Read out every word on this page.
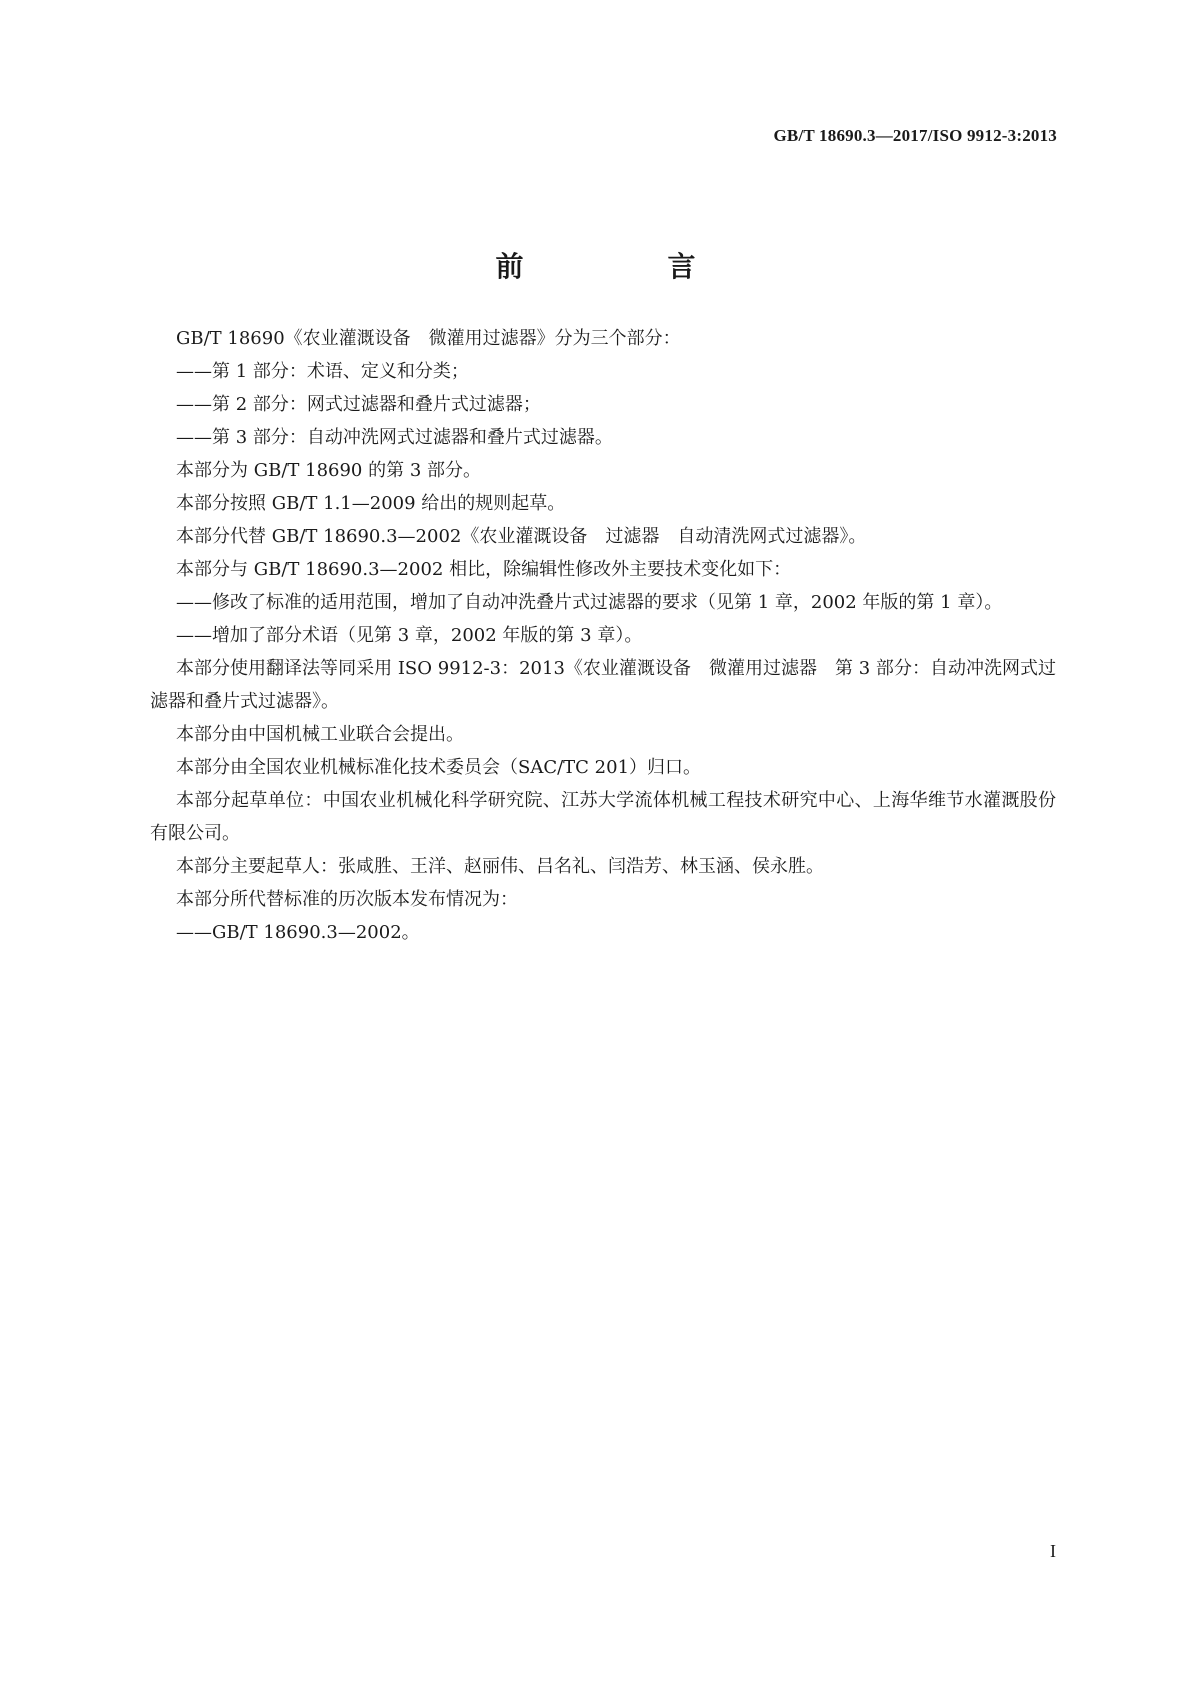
GB/T 18690.3—2017/ISO 9912-3:2013
前　言

GB/T 18690《农业灌溉设备　微灌用过滤器》分为三个部分：

——第 1 部分：术语、定义和分类；

——第 2 部分：网式过滤器和叠片式过滤器；

——第 3 部分：自动冲洗网式过滤器和叠片式过滤器。

本部分为 GB/T 18690 的第 3 部分。

本部分按照 GB/T 1.1—2009 给出的规则起草。

本部分代替 GB/T 18690.3—2002《农业灌溉设备　过滤器　自动清洗网式过滤器》。

本部分与 GB/T 18690.3—2002 相比，除编辑性修改外主要技术变化如下：

——修改了标准的适用范围，增加了自动冲洗叠片式过滤器的要求（见第 1 章，2002 年版的第 1 章）。

——增加了部分术语（见第 3 章，2002 年版的第 3 章）。

本部分使用翻译法等同采用 ISO 9912-3：2013《农业灌溉设备　微灌用过滤器　第 3 部分：自动冲洗网式过滤器和叠片式过滤器》。

本部分由中国机械工业联合会提出。

本部分由全国农业机械标准化技术委员会（SAC/TC 201）归口。

本部分起草单位：中国农业机械化科学研究院、江苏大学流体机械工程技术研究中心、上海华维节水灌溉股份有限公司。

本部分主要起草人：张咸胜、王洋、赵丽伟、吕名礼、闫浩芳、林玉涵、侯永胜。

本部分所代替标准的历次版本发布情况为：

——GB/T 18690.3—2002。

I
